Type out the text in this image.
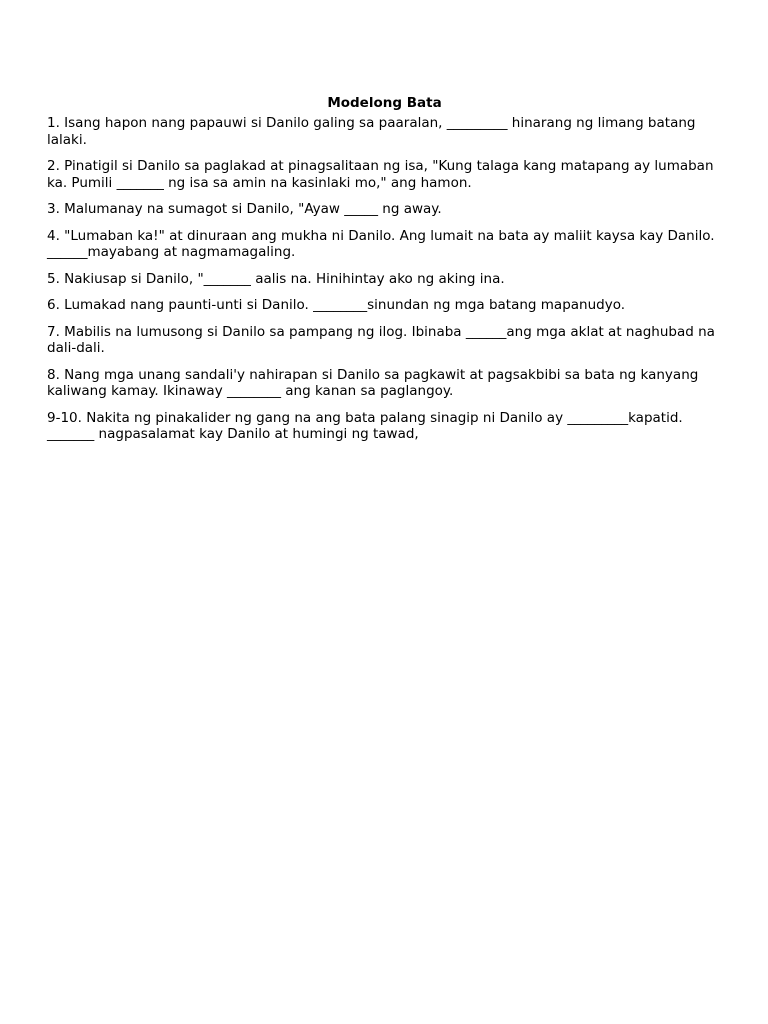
Modelong Bata
1. Isang hapon nang papauwi si Danilo galing sa paaralan, _________ hinarang ng limang batang lalaki.
2. Pinatigil si Danilo sa paglakad at pinagsalitaan ng isa, "Kung talaga kang matapang ay lumaban ka. Pumili _______ ng isa sa amin na kasinlaki mo," ang hamon.
3. Malumanay na sumagot si Danilo, "Ayaw _____ ng away.
4. "Lumaban ka!" at dinuraan ang mukha ni Danilo. Ang lumait na bata ay maliit kaysa kay Danilo. ______mayabang at nagmamagaling.
5. Nakiusap si Danilo, "_______ aalis na. Hinihintay ako ng aking ina.
6. Lumakad nang paunti-unti si Danilo. ________sinundan ng mga batang mapanudyo.
7. Mabilis na lumusong si Danilo sa pampang ng ilog. Ibinaba ______ang mga aklat at naghubad na dali-dali.
8. Nang mga unang sandali'y nahirapan si Danilo sa pagkawit at pagsakbibi sa bata ng kanyang kaliwang kamay. Ikinaway ________ ang kanan sa paglangoy.
9-10. Nakita ng pinakalider ng gang na ang bata palang sinagip ni Danilo ay _________kapatid. _______ nagpasalamat kay Danilo at humingi ng tawad,
